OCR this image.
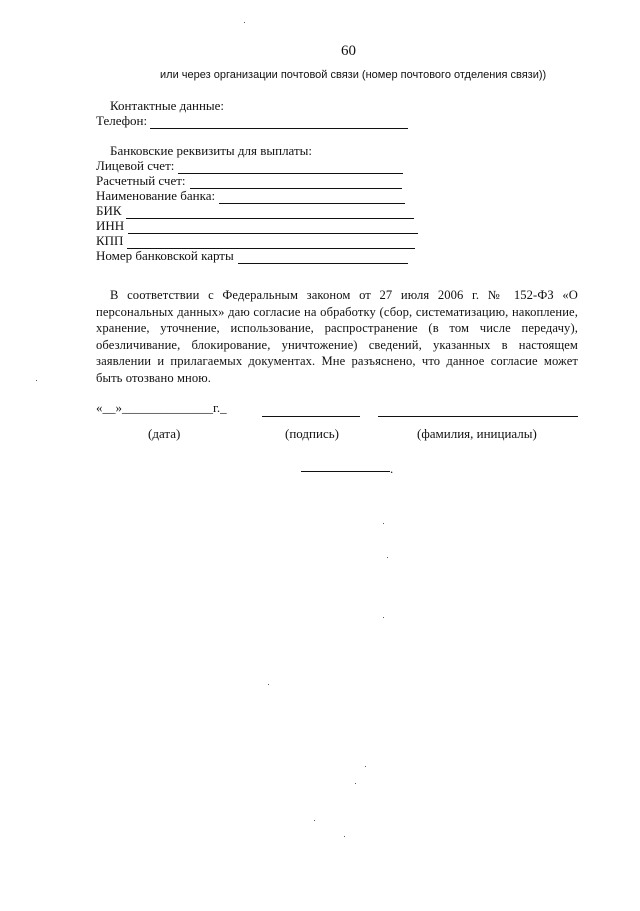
60
или через организации почтовой связи (номер почтового отделения связи))
Контактные данные:
Телефон:
Банковские реквизиты для выплаты:
Лицевой счет:
Расчетный счет:
Наименование банка:
БИК
ИНН
КПП
Номер банковской карты

В соответствии с Федеральным законом от 27 июля 2006 г. № 152-ФЗ «О персональных данных» даю согласие на обработку (сбор, систематизацию, накопление, хранение, уточнение, использование, распространение (в том числе передачу), обезличивание, блокирование, уничтожение) сведений, указанных в настоящем заявлении и прилагаемых документах. Мне разъяснено, что данное согласие может быть отозвано мною.

«__»______________г._
(дата)	(подпись)	(фамилия, инициалы)
.
